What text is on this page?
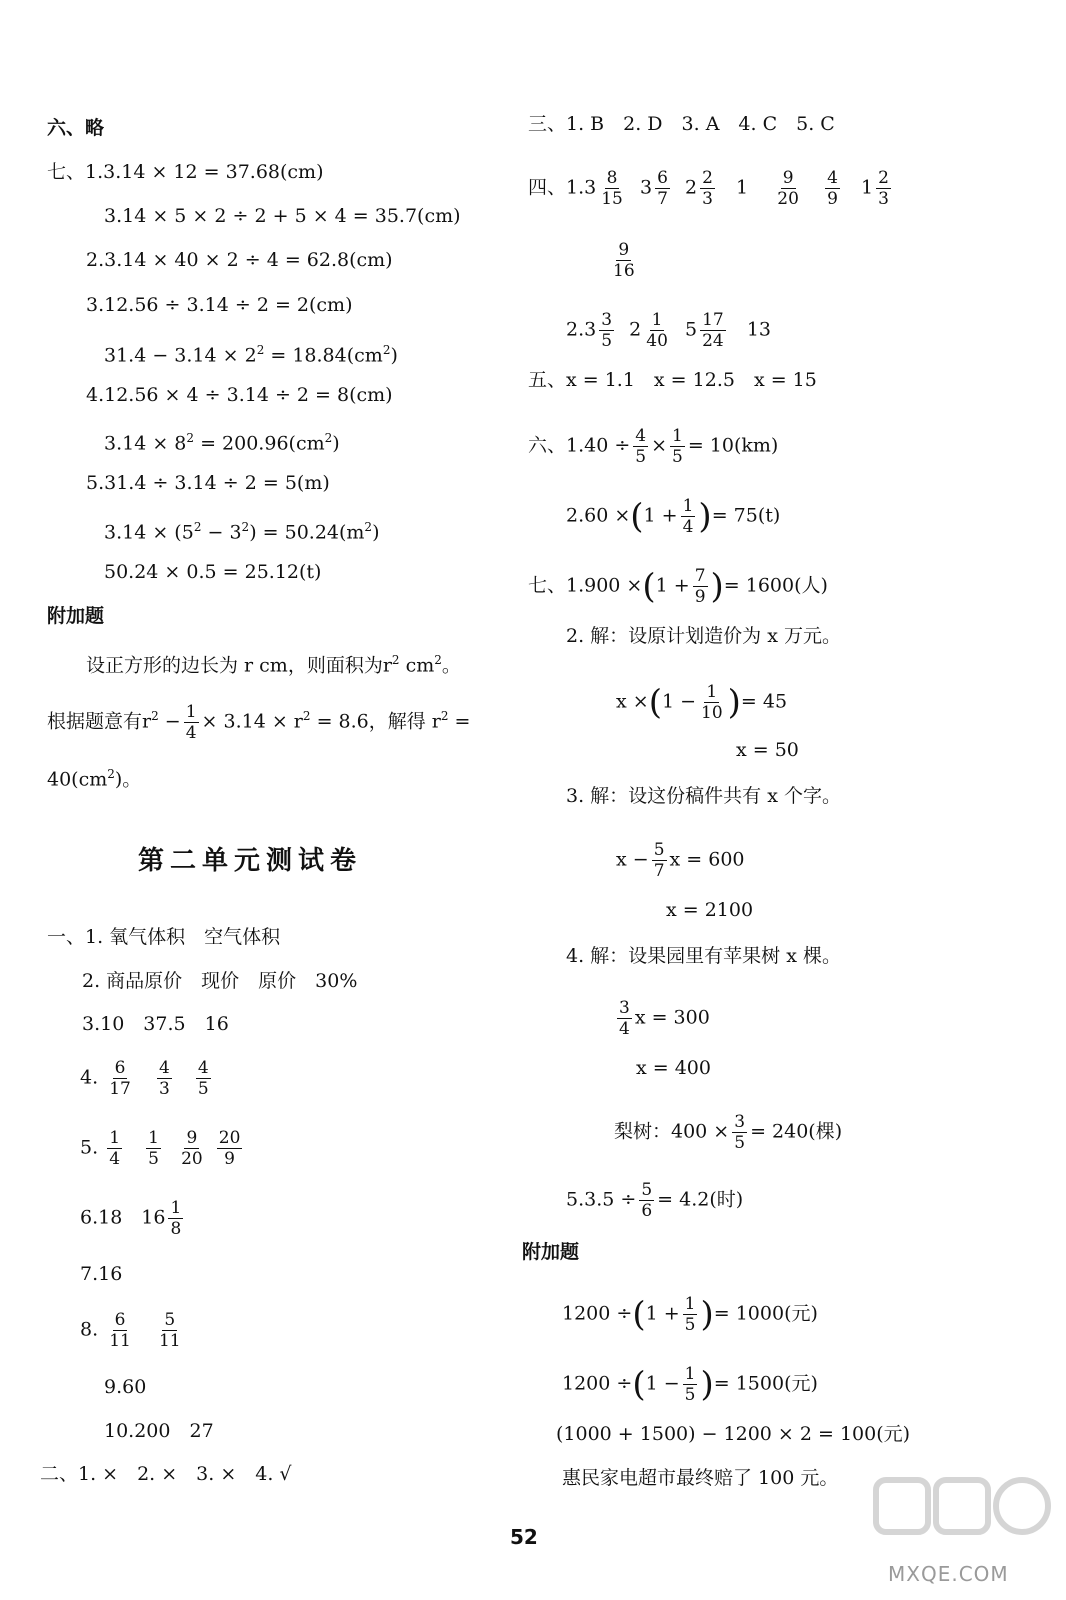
六、略
七、1.3.14 × 12 = 37.68(cm)
3.14 × 5 × 2 ÷ 2 + 5 × 4 = 35.7(cm)
2.3.14 × 40 × 2 ÷ 4 = 62.8(cm)
3.12.56 ÷ 3.14 ÷ 2 = 2(cm)
$31.4 - 3.14 \times 2^2 = 18.84(cm^2)$
4.12.56 × 4 ÷ 3.14 ÷ 2 = 8(cm)
$3.14 \times 8^2 = 200.96(cm^2)$
5.31.4 ÷ 3.14 ÷ 2 = 5(m)
$3.14 \times (5^2 - 3^2) = 50.24(m^2)$
50.24 × 0.5 = 25.12(t)
附加题
设正方形的边长为 r cm，则面积为$r^2$ $cm^2$。
根据题意有$r^2 - \frac{1}{4} \times 3.14 \times r^2 = 8.6$，解得 $r^2$ =
$40(cm^2)$。
第二单元测试卷
一、1. 氧气体积　空气体积
2. 商品原价　现价　原价　30%
3.10　37.5　16
4. $\frac{6}{17}$
$\frac{4}{3}$
$\frac{4}{5}$
5. $\frac{1}{4}$
$\frac{1}{5}$
$\frac{9}{20}$
$\frac{20}{9}$
6.18　$16 \frac{1}{8}$
7.16
8. $\frac{6}{11}$
$\frac{5}{11}$
9.60
10.200　27
二、1. ×　2. ×　3. ×　4. √
三、1. B　2. D　3. A　4. C　5. C
四、$1.3 \frac{8}{15} 3 \frac{6}{7} 2 \frac{2}{3} 1 \frac{9}{20}$
$\frac{4}{9} 1 \frac{2}{3}$
$\frac{9}{16}$
$2.3 \frac{3}{5} 2 \frac{1}{40} 5 \frac{17}{24} 13$
五、x = 1.1　x = 12.5　x = 15
六、$1.40 \div \frac{4}{5} \times \frac{1}{5} = 10(km)$
$2.60 \times(1 + \frac{1}{4}$ )= 75(t)
七、$1.900 \times(1 + \frac{7}{9}$ )= 1600(人)
2. 解：设原计划造价为 x 万元。
$x \times(1 - \frac{1}{10}$ )= 45
x = 50
3. 解：设这份稿件共有 x 个字。
$x - \frac{5}{7}$ x = 600
x = 2100
4. 解：设果园里有苹果树 x 棵。
$\frac{3}{4}$ x = 300
x = 400
梨树：$400 \times \frac{3}{5} = 240$(棵)
$5.3.5 \div \frac{5}{6} = 4.2$(时)
附加题
$1200 \div(1 + \frac{1}{5}$ )= 1000(元)
$1200 \div(1 - \frac{1}{5}$ )= 1500(元)
(1000 + 1500) − 1200 × 2 = 100(元)
惠民家电超市最终赔了 100 元。
52
MXQE.COM
